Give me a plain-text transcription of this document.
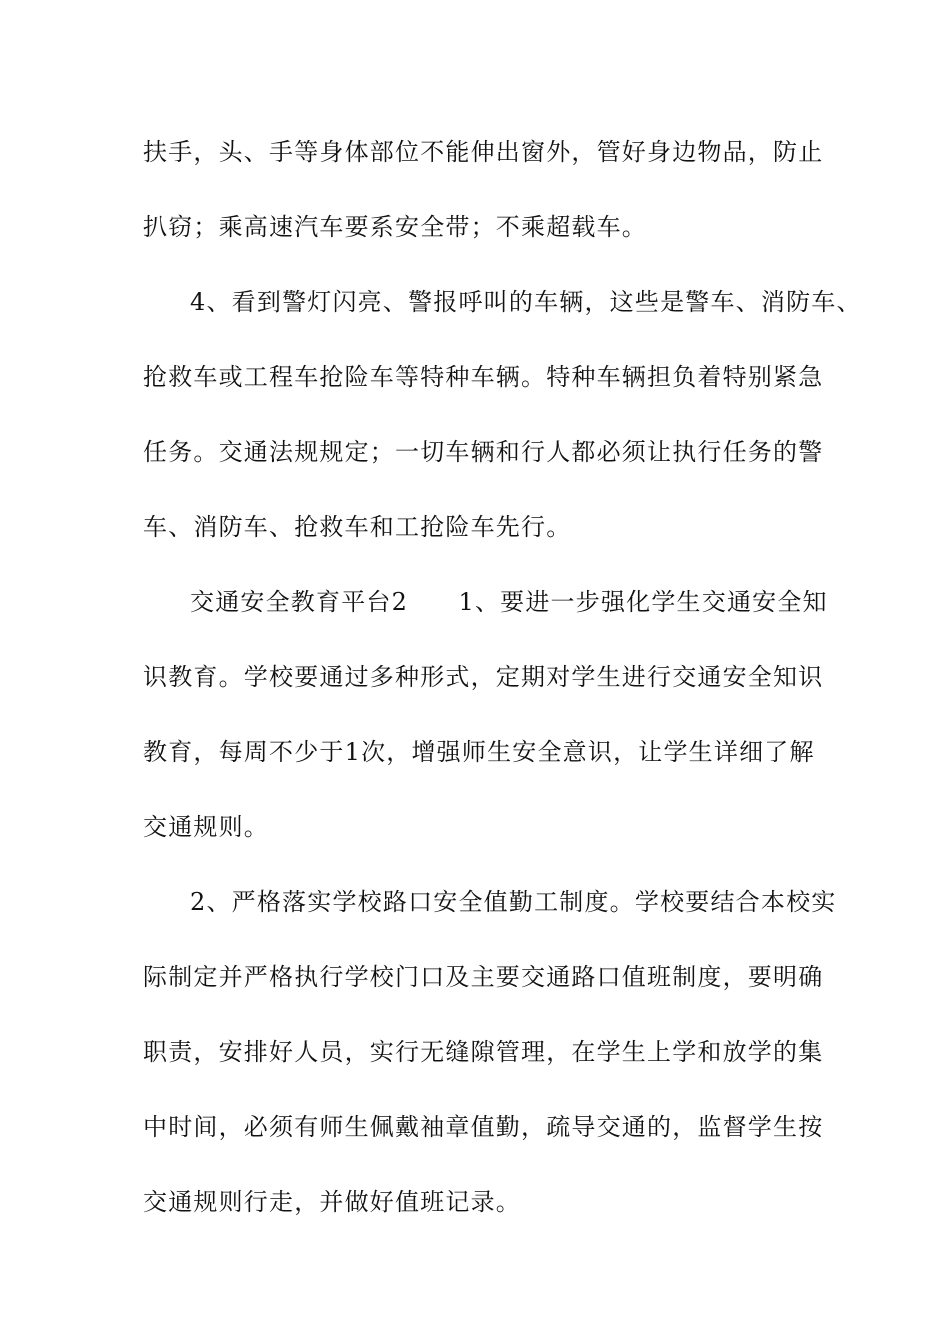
扶手，头、手等身体部位不能伸出窗外，管好身边物品，防止
扒窃；乘高速汽车要系安全带；不乘超载车。
4、看到警灯闪亮、警报呼叫的车辆，这些是警车、消防车、
抢救车或工程车抢险车等特种车辆。特种车辆担负着特别紧急
任务。交通法规规定；一切车辆和行人都必须让执行任务的警
车、消防车、抢救车和工抢险车先行。
交通安全教育平台2　　1、要进一步强化学生交通安全知
识教育。学校要通过多种形式，定期对学生进行交通安全知识
教育，每周不少于1次，增强师生安全意识，让学生详细了解
交通规则。
2、严格落实学校路口安全值勤工制度。学校要结合本校实
际制定并严格执行学校门口及主要交通路口值班制度，要明确
职责，安排好人员，实行无缝隙管理，在学生上学和放学的集
中时间，必须有师生佩戴袖章值勤，疏导交通的，监督学生按
交通规则行走，并做好值班记录。
